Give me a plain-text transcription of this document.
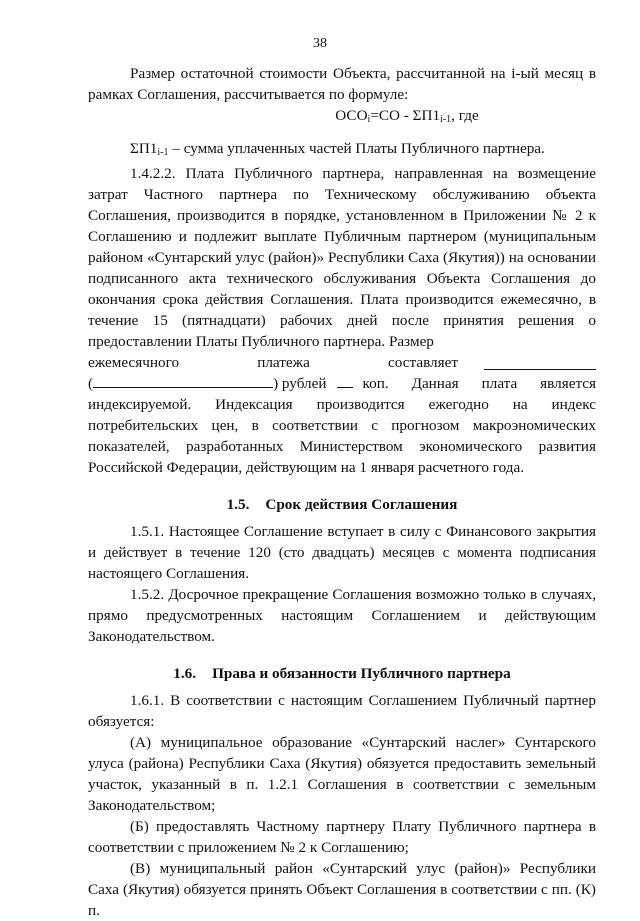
38

Размер остаточной стоимости Объекта, рассчитанной на i-ый месяц в рамках Соглашения, рассчитывается по формуле:

$ОСО_i=СО - \Sigma П1_{i-1}$, где

$\Sigma П1_{i-1}$ – сумма уплаченных частей Платы Публичного партнера.

1.4.2.2. Плата Публичного партнера, направленная на возмещение затрат Частного партнера по Техническому обслуживанию объекта Соглашения, производится в порядке, установленном в Приложении № 2 к Соглашению и подлежит выплате Публичным партнером (муниципальным районом «Сунтарский улус (район)» Республики Саха (Якутия)) на основании подписанного акта технического обслуживания Объекта Соглашения до окончания срока действия Соглашения. Плата производится ежемесячно, в течение 15 (пятнадцати) рабочих дней после принятия решения о предоставлении Платы Публичного партнера. Размер

ежемесячного платежа составляет

(	) рублей коп. Данная плата является

индексируемой. Индексация производится ежегодно на индекс потребительских цен, в соответствии с прогнозом макроэномических показателей, разработанных Министерством экономического развития Российской Федерации, действующим на 1 января расчетного года.

1.5. Срок действия Соглашения

1.5.1. Настоящее Соглашение вступает в силу с Финансового закрытия и действует в течение 120 (сто двадцать) месяцев с момента подписания настоящего Соглашения.

1.5.2. Досрочное прекращение Соглашения возможно только в случаях, прямо предусмотренных настоящим Соглашением и действующим Законодательством.

1.6. Права и обязанности Публичного партнера

1.6.1. В соответствии с настоящим Соглашением Публичный партнер обязуется:

(А) муниципальное образование «Сунтарский наслег» Сунтарского улуса (района) Республики Саха (Якутия) обязуется предоставить земельный участок, указанный в п. 1.2.1 Соглашения в соответствии с земельным Законодательством;

(Б) предоставлять Частному партнеру Плату Публичного партнера в соответствии с приложением № 2 к Соглашению;

(В) муниципальный район «Сунтарский улус (район)» Республики Саха (Якутия) обязуется принять Объект Соглашения в соответствии с пп. (К) п.
